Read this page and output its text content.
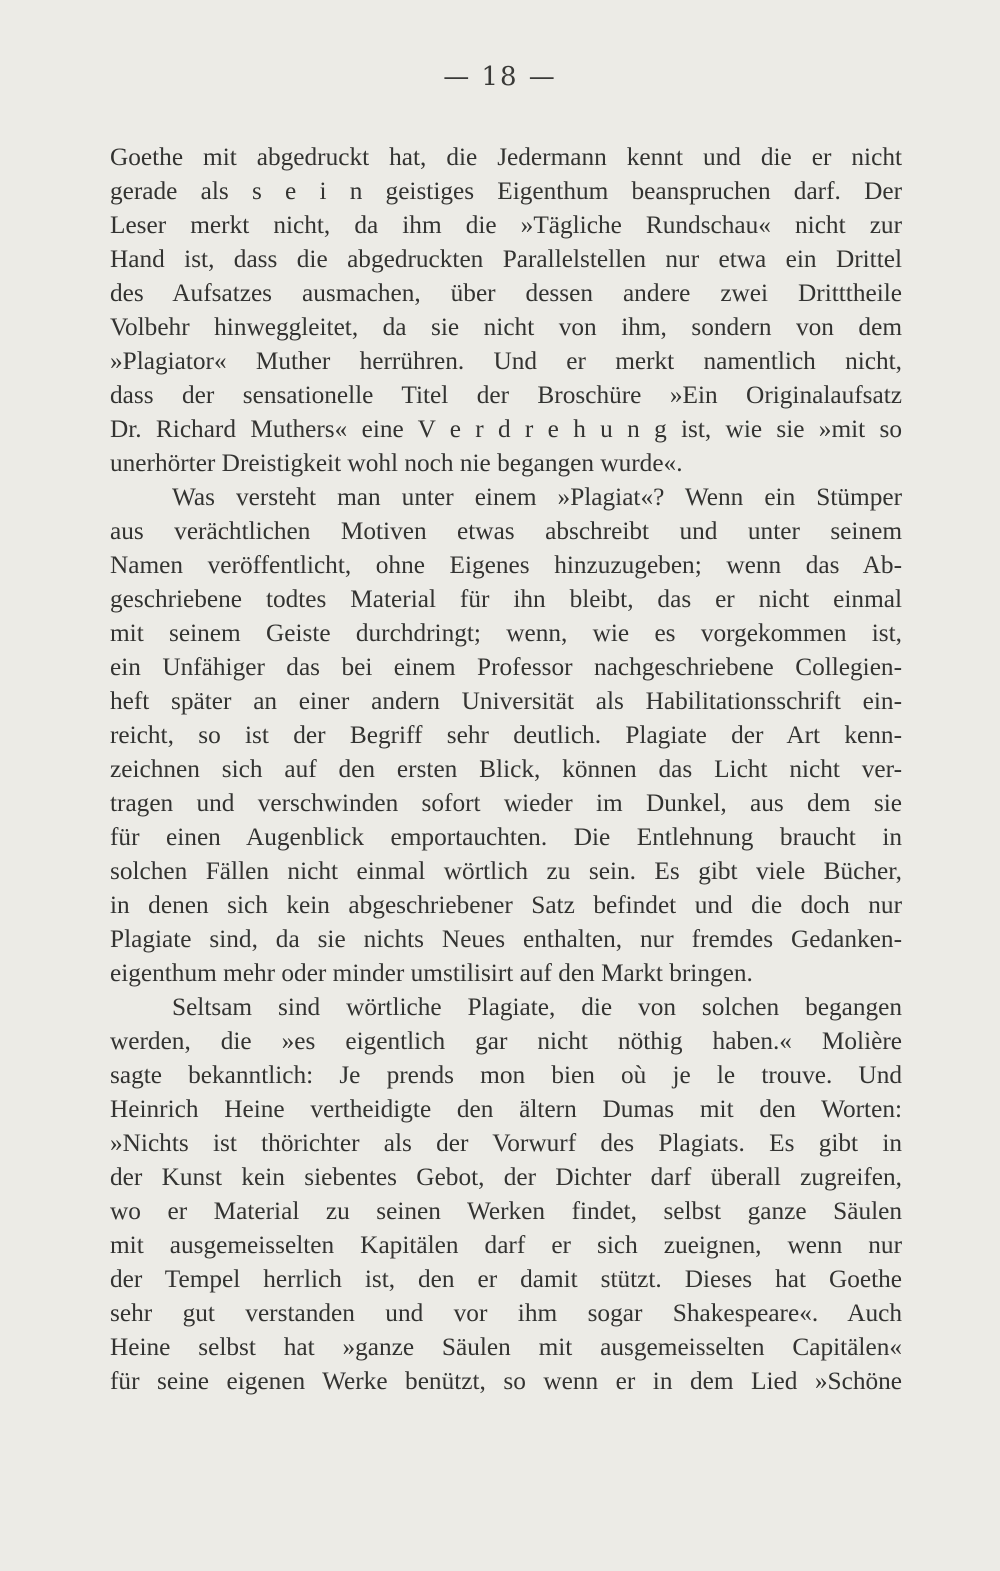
— 18 —
Goethe mit abgedruckt hat, die Jedermann kennt und die er nicht
gerade als s e i n geistiges Eigenthum beanspruchen darf. Der
Leser merkt nicht, da ihm die »Tägliche Rundschau« nicht zur
Hand ist, dass die abgedruckten Parallelstellen nur etwa ein Drittel
des Aufsatzes ausmachen, über dessen andere zwei Dritttheile
Volbehr hinweggleitet, da sie nicht von ihm, sondern von dem
»Plagiator« Muther herrühren. Und er merkt namentlich nicht,
dass der sensationelle Titel der Broschüre »Ein Originalaufsatz
Dr. Richard Muthers« eine V e r d r e h u n g ist, wie sie »mit so
unerhörter Dreistigkeit wohl noch nie begangen wurde«.
Was versteht man unter einem »Plagiat«? Wenn ein Stümper
aus verächtlichen Motiven etwas abschreibt und unter seinem
Namen veröffentlicht, ohne Eigenes hinzuzugeben; wenn das Ab-
geschriebene todtes Material für ihn bleibt, das er nicht einmal
mit seinem Geiste durchdringt; wenn, wie es vorgekommen ist,
ein Unfähiger das bei einem Professor nachgeschriebene Collegien-
heft später an einer andern Universität als Habilitationsschrift ein-
reicht, so ist der Begriff sehr deutlich. Plagiate der Art kenn-
zeichnen sich auf den ersten Blick, können das Licht nicht ver-
tragen und verschwinden sofort wieder im Dunkel, aus dem sie
für einen Augenblick emportauchten. Die Entlehnung braucht in
solchen Fällen nicht einmal wörtlich zu sein. Es gibt viele Bücher,
in denen sich kein abgeschriebener Satz befindet und die doch nur
Plagiate sind, da sie nichts Neues enthalten, nur fremdes Gedanken-
eigenthum mehr oder minder umstilisirt auf den Markt bringen.
Seltsam sind wörtliche Plagiate, die von solchen begangen
werden, die »es eigentlich gar nicht nöthig haben.« Molière
sagte bekanntlich: Je prends mon bien où je le trouve. Und
Heinrich Heine vertheidigte den ältern Dumas mit den Worten:
»Nichts ist thörichter als der Vorwurf des Plagiats. Es gibt in
der Kunst kein siebentes Gebot, der Dichter darf überall zugreifen,
wo er Material zu seinen Werken findet, selbst ganze Säulen
mit ausgemeisselten Kapitälen darf er sich zueignen, wenn nur
der Tempel herrlich ist, den er damit stützt. Dieses hat Goethe
sehr gut verstanden und vor ihm sogar Shakespeare«. Auch
Heine selbst hat »ganze Säulen mit ausgemeisselten Capitälen«
für seine eigenen Werke benützt, so wenn er in dem Lied »Schöne
